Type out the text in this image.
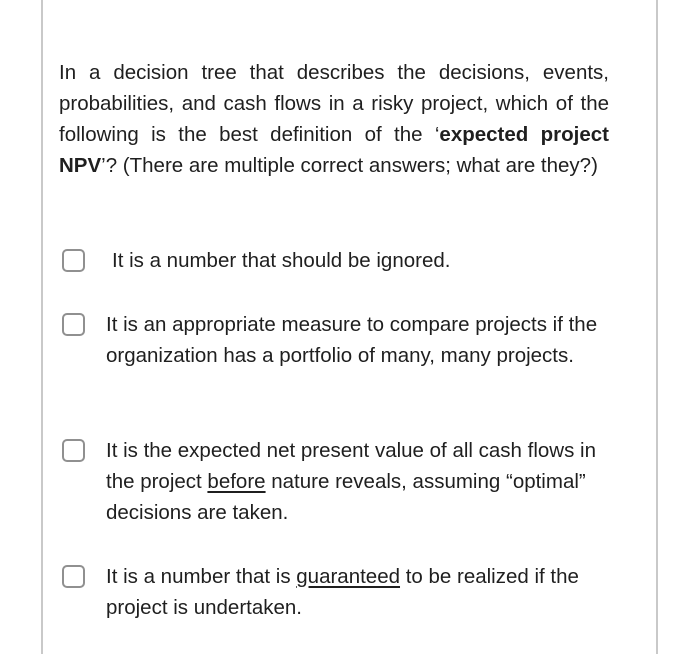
In a decision tree that describes the decisions, events, probabilities, and cash flows in a risky project, which of the following is the best definition of the ‘expected project NPV’? (There are multiple correct answers; what are they?)
It is a number that should be ignored.
It is an appropriate measure to compare projects if the organization has a portfolio of many, many projects.
It is the expected net present value of all cash flows in the project before nature reveals, assuming “optimal” decisions are taken.
It is a number that is guaranteed to be realized if the project is undertaken.
